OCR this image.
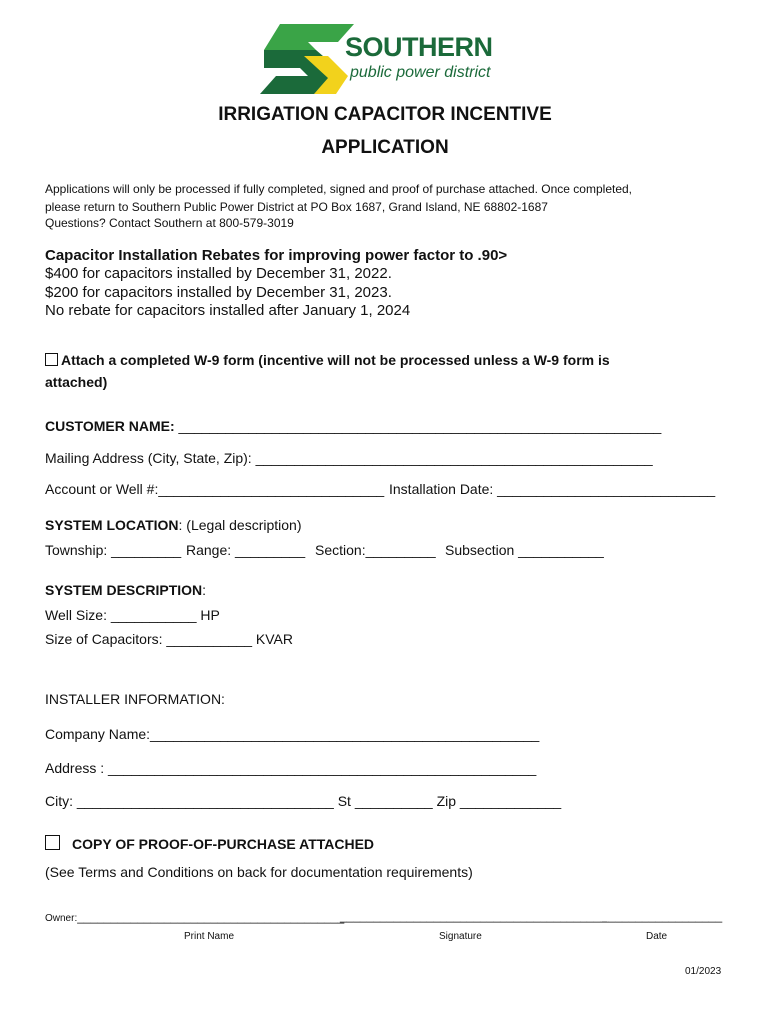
SOUTHERN
public power district
IRRIGATION CAPACITOR INCENTIVE
APPLICATION
Applications will only be processed if fully completed, signed and proof of purchase attached. Once completed,
please return to Southern Public Power District at PO Box 1687, Grand Island, NE 68802-1687
Questions? Contact Southern at 800-579-3019
Capacitor Installation Rebates for improving power factor to .90>
$400 for capacitors installed by December 31, 2022.
$200 for capacitors installed by December 31, 2023.
No rebate for capacitors installed after January 1, 2024
Attach a completed W-9 form (incentive will not be processed unless a W-9 form is
attached)
CUSTOMER NAME: ______________________________________________________________
Mailing Address (City, State, Zip): ___________________________________________________
Account or Well #:_____________________________ Installation Date: ____________________________
SYSTEM LOCATION: (Legal description)
Township: _________ Range: _________ Section:_________ Subsection ___________
SYSTEM DESCRIPTION:
Well Size: ___________ HP
Size of Capacitors: ___________ KVAR
INSTALLER INFORMATION:
Company Name:__________________________________________________
Address : _______________________________________________________
City: _________________________________ St __________ Zip _____________
COPY OF PROOF-OF-PURCHASE ATTACHED
(See Terms and Conditions on back for documentation requirements)
Owner:________________________________________
________________________________________
__________________
Print Name	Signature	Date
01/2023
